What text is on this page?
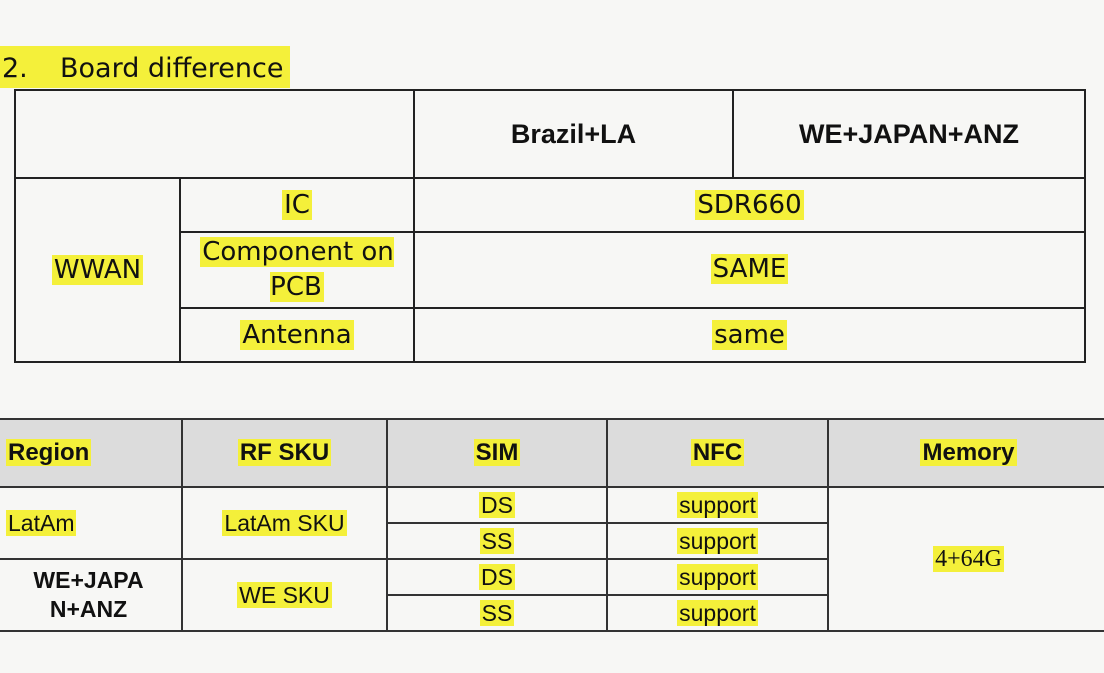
2. Board difference
		Brazil+LA	WE+JAPAN+ANZ
WWAN	IC	SDR660	
	Component on PCB	SAME	
	Antenna	same	
Region	RF SKU	SIM	NFC	Memory
LatAm	LatAm SKU	DS	support	4+64G
		SS	support	
WE+JAPA N+ANZ	WE SKU	DS	support	
		SS	support	
